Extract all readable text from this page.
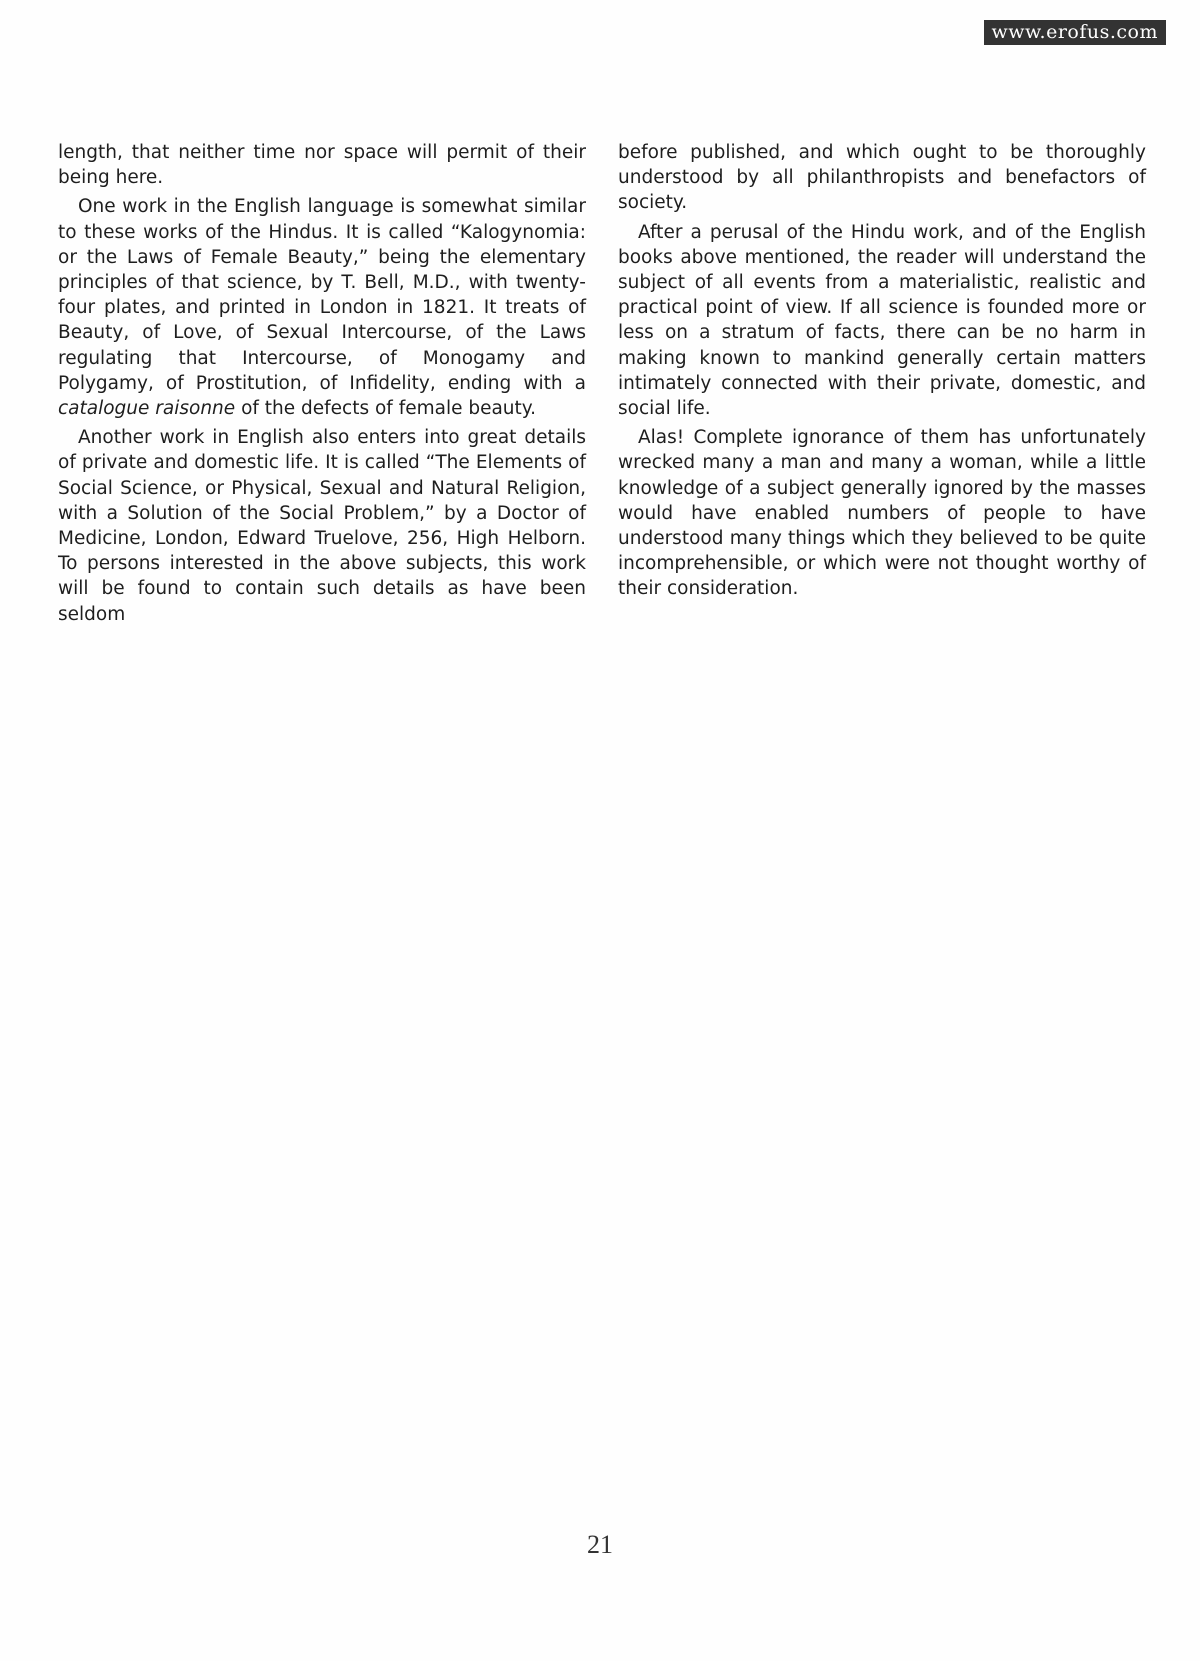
www.erofus.com

length, that neither time nor space will permit of their being here.

One work in the English language is somewhat similar to these works of the Hindus. It is called “Kalogynomia: or the Laws of Female Beauty,” being the elementary principles of that science, by T. Bell, M.D., with twenty-four plates, and printed in London in 1821. It treats of Beauty, of Love, of Sexual Intercourse, of the Laws regulating that Intercourse, of Monogamy and Polygamy, of Prostitution, of Infidelity, ending with a catalogue raisonne of the defects of female beauty.

Another work in English also enters into great details of private and domestic life. It is called “The Elements of Social Science, or Physical, Sexual and Natural Religion, with a Solution of the Social Problem,” by a Doctor of Medicine, London, Edward Truelove, 256, High Helborn. To persons interested in the above subjects, this work will be found to contain such details as have been seldom

before published, and which ought to be thoroughly understood by all philanthropists and benefactors of society.

After a perusal of the Hindu work, and of the English books above mentioned, the reader will understand the subject of all events from a materialistic, realistic and practical point of view. If all science is founded more or less on a stratum of facts, there can be no harm in making known to mankind generally certain matters intimately connected with their private, domestic, and social life.

Alas! Complete ignorance of them has unfortunately wrecked many a man and many a woman, while a little knowledge of a subject generally ignored by the masses would have enabled numbers of people to have understood many things which they believed to be quite incomprehensible, or which were not thought worthy of their consideration.

21
